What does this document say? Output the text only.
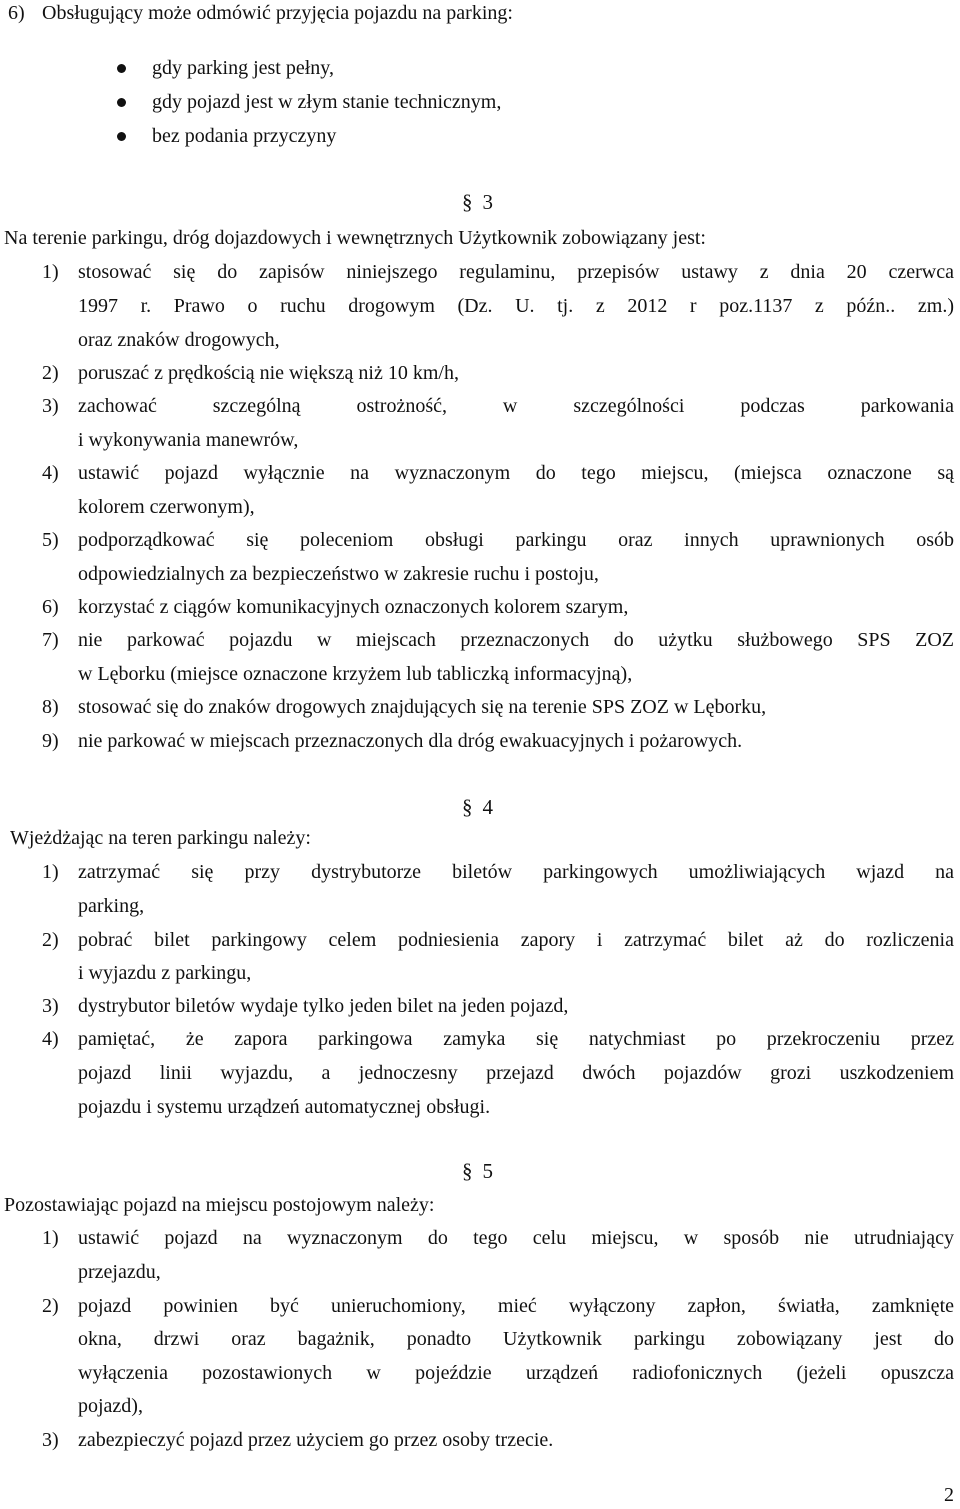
6) Obsługujący może odmówić przyjęcia pojazdu na parking:
gdy parking jest pełny,
gdy pojazd jest w złym stanie technicznym,
bez podania przyczyny
§ 3
Na terenie parkingu, dróg dojazdowych i wewnętrznych Użytkownik zobowiązany jest:
1) stosować się do zapisów niniejszego regulaminu, przepisów ustawy z dnia 20 czerwca
1997 r. Prawo o ruchu drogowym (Dz. U. tj. z 2012 r poz.1137 z późn.. zm.)
oraz znaków drogowych,
2) poruszać z prędkością nie większą niż 10 km/h,
3) zachować szczególną ostrożność, w szczególności podczas parkowania
i wykonywania manewrów,
4) ustawić pojazd wyłącznie na wyznaczonym do tego miejscu, (miejsca oznaczone są
kolorem czerwonym),
5) podporządkować się poleceniom obsługi parkingu oraz innych uprawnionych osób
odpowiedzialnych za bezpieczeństwo w zakresie ruchu i postoju,
6) korzystać z ciągów komunikacyjnych oznaczonych kolorem szarym,
7) nie parkować pojazdu w miejscach przeznaczonych do użytku służbowego SPS ZOZ
w Lęborku (miejsce oznaczone krzyżem lub tabliczką informacyjną),
8) stosować się do znaków drogowych znajdujących się na terenie SPS ZOZ w Lęborku,
9) nie parkować w miejscach przeznaczonych dla dróg ewakuacyjnych i pożarowych.
§ 4
Wjeżdżając na teren parkingu należy:
1) zatrzymać się przy dystrybutorze biletów parkingowych umożliwiających wjazd na
parking,
2) pobrać bilet parkingowy celem podniesienia zapory i zatrzymać bilet aż do rozliczenia
i wyjazdu z parkingu,
3) dystrybutor biletów wydaje tylko jeden bilet na jeden pojazd,
4) pamiętać, że zapora parkingowa zamyka się natychmiast po przekroczeniu przez
pojazd linii wyjazdu, a jednoczesny przejazd dwóch pojazdów grozi uszkodzeniem
pojazdu i systemu urządzeń automatycznej obsługi.
§ 5
Pozostawiając pojazd na miejscu postojowym należy:
1) ustawić pojazd na wyznaczonym do tego celu miejscu, w sposób nie utrudniający
przejazdu,
2) pojazd powinien być unieruchomiony, mieć wyłączony zapłon, światła, zamknięte
okna, drzwi oraz bagażnik, ponadto Użytkownik parkingu zobowiązany jest do
wyłączenia pozostawionych w pojeździe urządzeń radiofonicznych (jeżeli opuszcza
pojazd),
3) zabezpieczyć pojazd przez użyciem go przez osoby trzecie.
2
